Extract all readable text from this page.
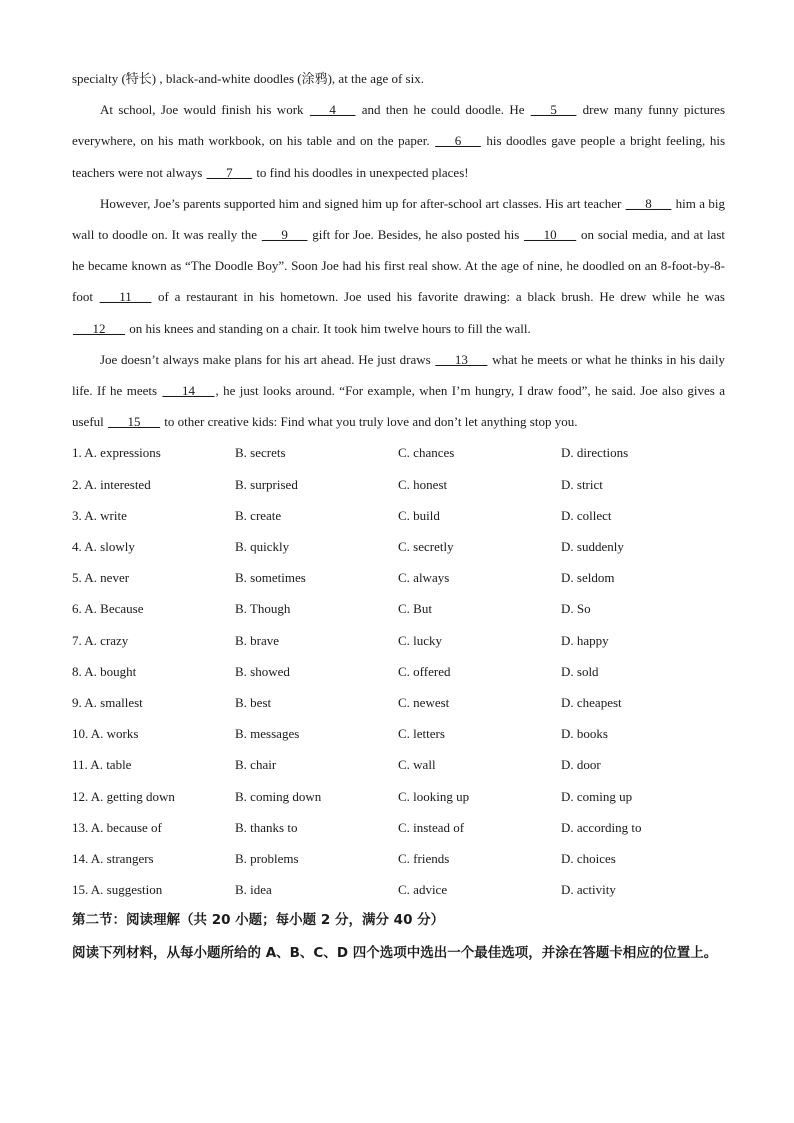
specialty (特长) , black-and-white doodles (涂鸦), at the age of six.

At school, Joe would finish his work ___4___ and then he could doodle. He ___5___ drew many funny pictures everywhere, on his math workbook, on his table and on the paper. ___6___ his doodles gave people a bright feeling, his teachers were not always ___7___ to find his doodles in unexpected places!

However, Joe’s parents supported him and signed him up for after-school art classes. His art teacher ___8___ him a big wall to doodle on. It was really the ___9___ gift for Joe. Besides, he also posted his ___10___ on social media, and at last he became known as “The Doodle Boy”. Soon Joe had his first real show. At the age of nine, he doodled on an 8-foot-by-8-foot ___11___ of a restaurant in his hometown. Joe used his favorite drawing: a black brush. He drew while he was ___12___ on his knees and standing on a chair. It took him twelve hours to fill the wall.

Joe doesn’t always make plans for his art ahead. He just draws ___13___ what he meets or what he thinks in his daily life. If he meets ___14___, he just looks around. “For example, when I’m hungry, I draw food”, he said. Joe also gives a useful ___15___ to other creative kids: Find what you truly love and don’t let anything stop you.

1. A. expressions	B. secrets	C. chances	D. directions
2. A. interested	B. surprised	C. honest	D. strict
3. A. write	B. create	C. build	D. collect
4. A. slowly	B. quickly	C. secretly	D. suddenly
5. A. never	B. sometimes	C. always	D. seldom
6. A. Because	B. Though	C. But	D. So
7. A. crazy	B. brave	C. lucky	D. happy
8. A. bought	B. showed	C. offered	D. sold
9. A. smallest	B. best	C. newest	D. cheapest
10. A. works	B. messages	C. letters	D. books
11. A. table	B. chair	C. wall	D. door
12. A. getting down	B. coming down	C. looking up	D. coming up
13. A. because of	B. thanks to	C. instead of	D. according to
14. A. strangers	B. problems	C. friends	D. choices
15. A. suggestion	B. idea	C. advice	D. activity
第二节：阅读理解（共 20 小题；每小题 2 分，满分 40 分）

阅读下列材料，从每小题所给的 A、B、C、D 四个选项中选出一个最佳选项，并涂在答题卡相应的位置上。
